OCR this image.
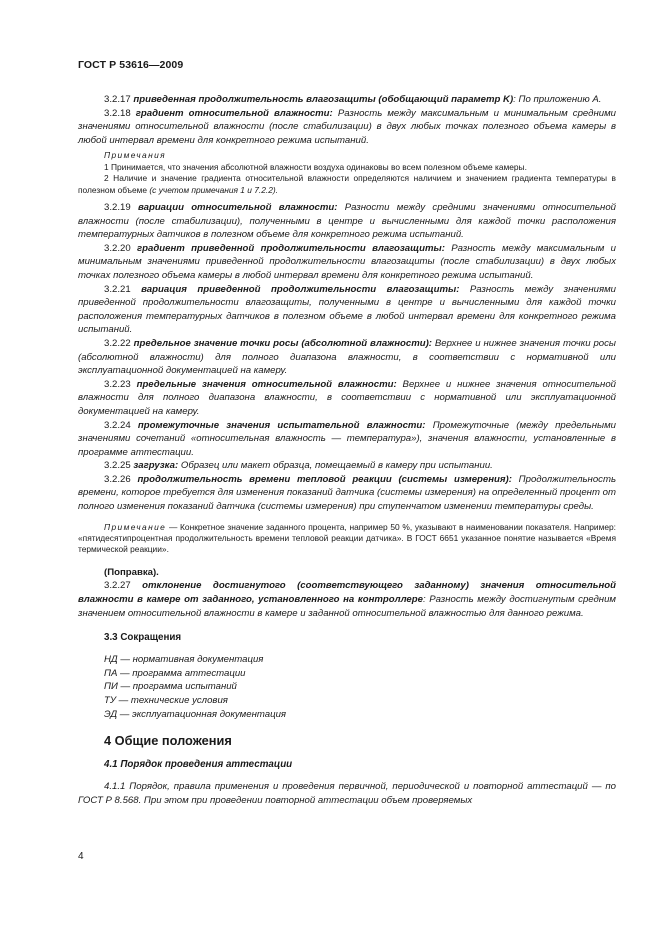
ГОСТ Р 53616—2009

3.2.17 приведенная продолжительность влагозащиты (обобщающий параметр K): По приложению А.

3.2.18 градиент относительной влажности: Разность между максимальным и минимальным средними значениями относительной влажности (после стабилизации) в двух любых точках полезного объема камеры в любой интервал времени для конкретного режима испытаний.

Примечания

1 Принимается, что значения абсолютной влажности воздуха одинаковы во всем полезном объеме камеры.

2 Наличие и значение градиента относительной влажности определяются наличием и значением градиента температуры в полезном объеме (с учетом примечания 1 и 7.2.2).

3.2.19 вариации относительной влажности: Разности между средними значениями относительной влажности (после стабилизации), полученными в центре и вычисленными для каждой точки расположения температурных датчиков в полезном объеме для конкретного режима испытаний.

3.2.20 градиент приведенной продолжительности влагозащиты: Разность между максимальным и минимальным значениями приведенной продолжительности влагозащиты (после стабилизации) в двух любых точках полезного объема камеры в любой интервал времени для конкретного режима испытаний.

3.2.21 вариация приведенной продолжительности влагозащиты: Разность между значениями приведенной продолжительности влагозащиты, полученными в центре и вычисленными для каждой точки расположения температурных датчиков в полезном объеме в любой интервал времени для конкретного режима испытаний.

3.2.22 предельное значение точки росы (абсолютной влажности): Верхнее и нижнее значения точки росы (абсолютной влажности) для полного диапазона влажности, в соответствии с нормативной или эксплуатационной документацией на камеру.

3.2.23 предельные значения относительной влажности: Верхнее и нижнее значения относительной влажности для полного диапазона влажности, в соответствии с нормативной или эксплуатационной документацией на камеру.

3.2.24 промежуточные значения испытательной влажности: Промежуточные (между предельными значениями сочетаний «относительная влажность — температура»), значения влажности, установленные в программе аттестации.

3.2.25 загрузка: Образец или макет образца, помещаемый в камеру при испытании.

3.2.26 продолжительность времени тепловой реакции (системы измерения): Продолжительность времени, которое требуется для изменения показаний датчика (системы измерения) на определенный процент от полного изменения показаний датчика (системы измерения) при ступенчатом изменении температуры среды.

Примечание — Конкретное значение заданного процента, например 50 %, указывают в наименовании показателя. Например: «пятидесятипроцентная продолжительность времени тепловой реакции датчика». В ГОСТ 6651 указанное понятие называется «Время термической реакции».

(Поправка).

3.2.27 отклонение достигнутого (соответствующего заданному) значения относительной влажности в камере от заданного, установленного на контроллере: Разность между достигнутым средним значением относительной влажности в камере и заданной относительной влажностью для данного режима.

3.3 Сокращения

НД — нормативная документация
ПА — программа аттестации
ПИ — программа испытаний
ТУ — технические условия
ЭД — эксплуатационная документация

4 Общие положения

4.1 Порядок проведения аттестации

4.1.1 Порядок, правила применения и проведения первичной, периодической и повторной аттестаций — по ГОСТ Р 8.568. При этом при проведении повторной аттестации объем проверяемых

4
